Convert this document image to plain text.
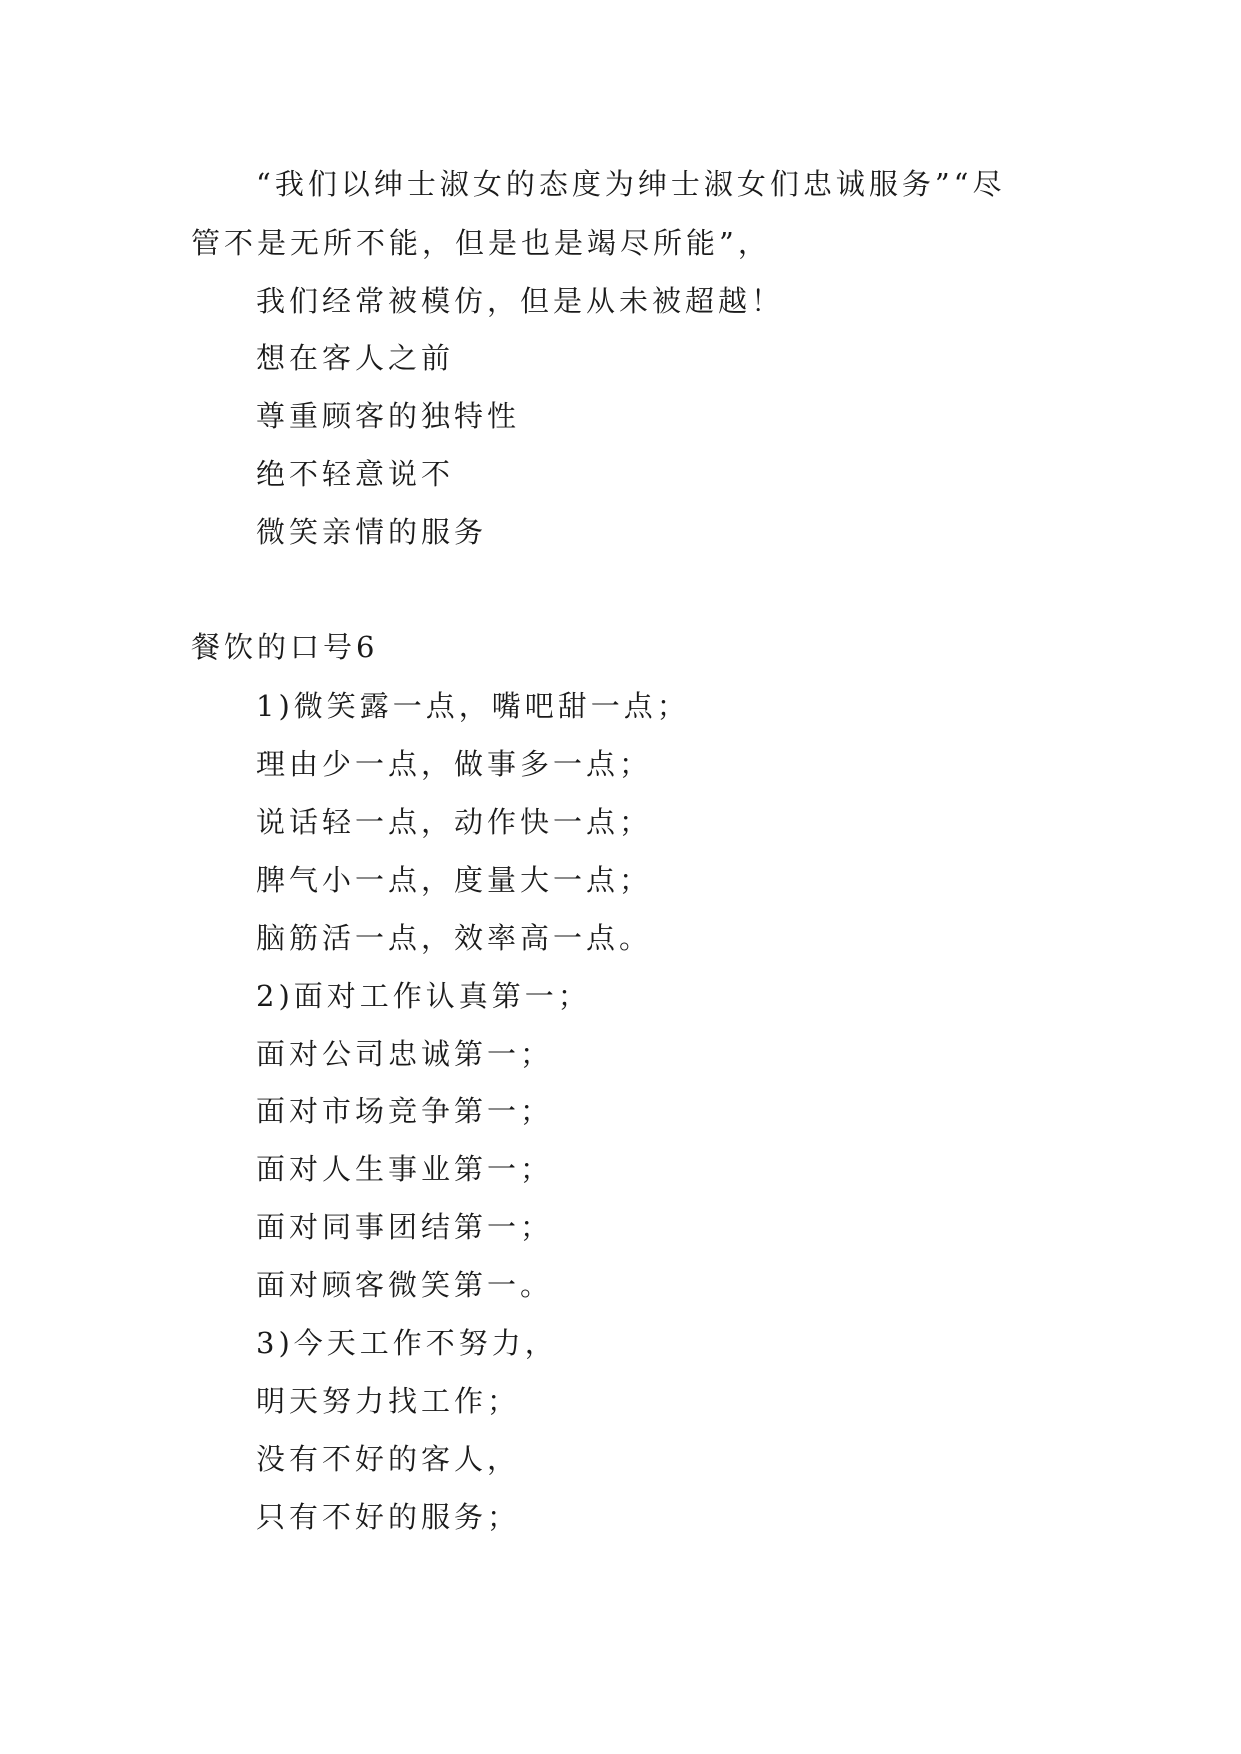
“我们以绅士淑女的态度为绅士淑女们忠诚服务”“尽
管不是无所不能，但是也是竭尽所能”，
我们经常被模仿，但是从未被超越！
想在客人之前
尊重顾客的独特性
绝不轻意说不
微笑亲情的服务
餐饮的口号6
1)微笑露一点，嘴吧甜一点；
理由少一点，做事多一点；
说话轻一点，动作快一点；
脾气小一点，度量大一点；
脑筋活一点，效率高一点。
2)面对工作认真第一；
面对公司忠诚第一；
面对市场竞争第一；
面对人生事业第一；
面对同事团结第一；
面对顾客微笑第一。
3)今天工作不努力，
明天努力找工作；
没有不好的客人，
只有不好的服务；
